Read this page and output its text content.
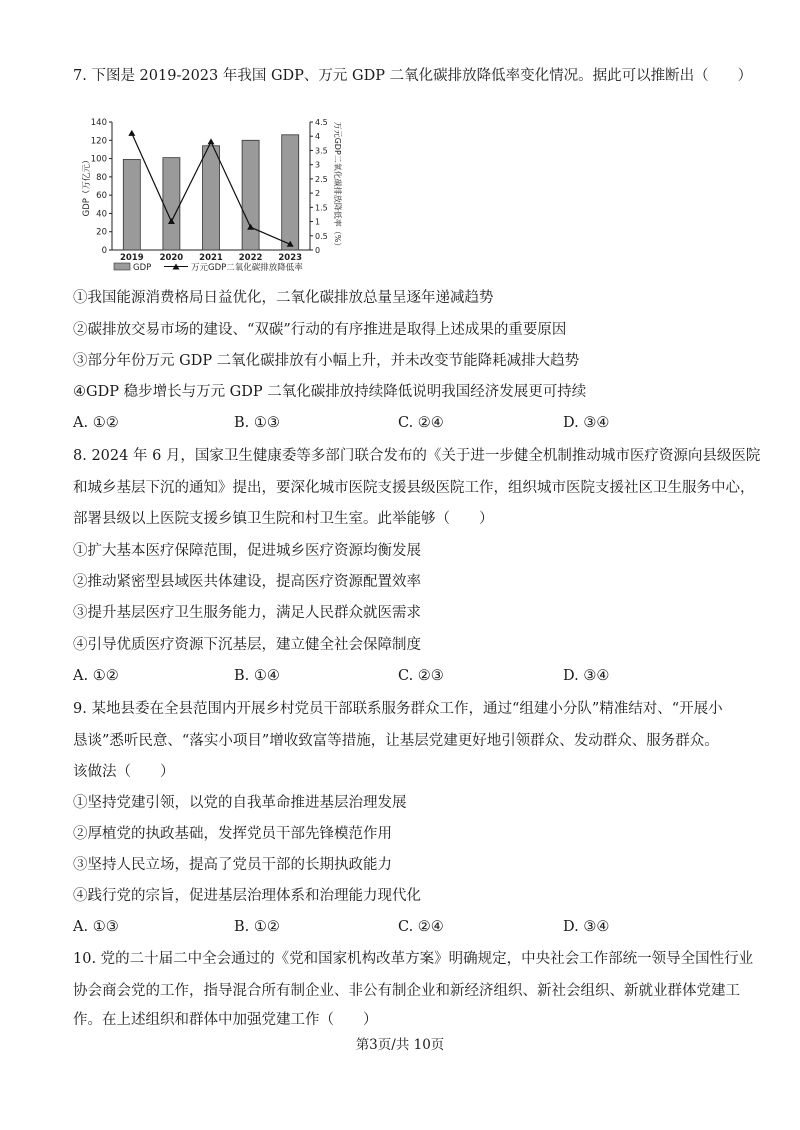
7. 下图是 2019-2023 年我国 GDP、万元 GDP 二氧化碳排放降低率变化情况。据此可以推断出（　　）
0
20
40
60
80
100
120
140
0
0.5
1
1.5
2
2.5
3
3.5
4
4.5
2019 2020 2021 2022 2023
GDP（万亿元）	万元GDP二氧化碳排放降低率（%）
GDP	万元GDP二氧化碳排放降低率
①我国能源消费格局日益优化，二氧化碳排放总量呈逐年递减趋势
②碳排放交易市场的建设、“双碳”行动的有序推进是取得上述成果的重要原因
③部分年份万元 GDP 二氧化碳排放有小幅上升，并未改变节能降耗减排大趋势
④GDP 稳步增长与万元 GDP 二氧化碳排放持续降低说明我国经济发展更可持续
A. ①②	B. ①③	C. ②④	D. ③④
8. 2024 年 6 月，国家卫生健康委等多部门联合发布的《关于进一步健全机制推动城市医疗资源向县级医院
和城乡基层下沉的通知》提出，要深化城市医院支援县级医院工作，组织城市医院支援社区卫生服务中心，
部署县级以上医院支援乡镇卫生院和村卫生室。此举能够（　　）
①扩大基本医疗保障范围，促进城乡医疗资源均衡发展
②推动紧密型县域医共体建设，提高医疗资源配置效率
③提升基层医疗卫生服务能力，满足人民群众就医需求
④引导优质医疗资源下沉基层，建立健全社会保障制度
A. ①②	B. ①④	C. ②③	D. ③④
9. 某地县委在全县范围内开展乡村党员干部联系服务群众工作，通过“组建小分队”精准结对、“开展小
恳谈”悉听民意、“落实小项目”增收致富等措施，让基层党建更好地引领群众、发动群众、服务群众。
该做法（　　）
①坚持党建引领，以党的自我革命推进基层治理发展
②厚植党的执政基础，发挥党员干部先锋模范作用
③坚持人民立场，提高了党员干部的长期执政能力
④践行党的宗旨，促进基层治理体系和治理能力现代化
A. ①③	B. ①②	C. ②④	D. ③④
10. 党的二十届二中全会通过的《党和国家机构改革方案》明确规定，中央社会工作部统一领导全国性行业
协会商会党的工作，指导混合所有制企业、非公有制企业和新经济组织、新社会组织、新就业群体党建工
作。在上述组织和群体中加强党建工作（　　）
第3页/共 10页
